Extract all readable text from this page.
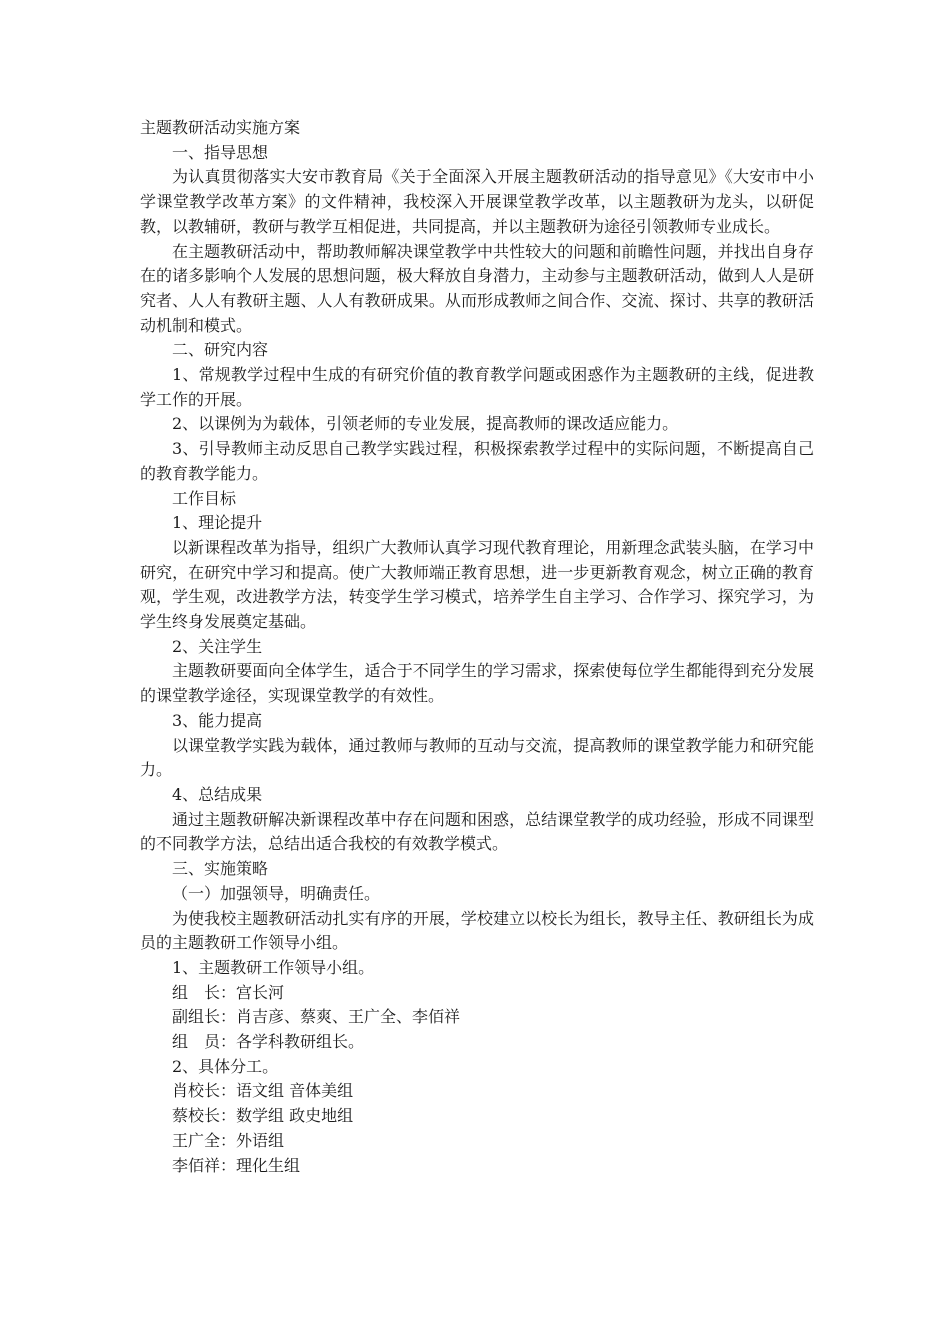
主题教研活动实施方案
一、指导思想
为认真贯彻落实大安市教育局《关于全面深入开展主题教研活动的指导意见》《大安市中小学课堂教学改革方案》的文件精神，我校深入开展课堂教学改革，以主题教研为龙头，以研促教，以教辅研，教研与教学互相促进，共同提高，并以主题教研为途径引领教师专业成长。
在主题教研活动中，帮助教师解决课堂教学中共性较大的问题和前瞻性问题，并找出自身存在的诸多影响个人发展的思想问题，极大释放自身潜力，主动参与主题教研活动，做到人人是研究者、人人有教研主题、人人有教研成果。从而形成教师之间合作、交流、探讨、共享的教研活动机制和模式。
二、研究内容
1、常规教学过程中生成的有研究价值的教育教学问题或困惑作为主题教研的主线，促进教学工作的开展。
2、以课例为为载体，引领老师的专业发展，提高教师的课改适应能力。
3、引导教师主动反思自己教学实践过程，积极探索教学过程中的实际问题，不断提高自己的教育教学能力。
工作目标
1、理论提升
以新课程改革为指导，组织广大教师认真学习现代教育理论，用新理念武装头脑，在学习中研究，在研究中学习和提高。使广大教师端正教育思想，进一步更新教育观念，树立正确的教育观，学生观，改进教学方法，转变学生学习模式，培养学生自主学习、合作学习、探究学习，为学生终身发展奠定基础。
2、关注学生
主题教研要面向全体学生，适合于不同学生的学习需求，探索使每位学生都能得到充分发展的课堂教学途径，实现课堂教学的有效性。
3、能力提高
以课堂教学实践为载体，通过教师与教师的互动与交流，提高教师的课堂教学能力和研究能力。
4、总结成果
通过主题教研解决新课程改革中存在问题和困惑，总结课堂教学的成功经验，形成不同课型的不同教学方法，总结出适合我校的有效教学模式。
三、实施策略
（一）加强领导，明确责任。
为使我校主题教研活动扎实有序的开展，学校建立以校长为组长，教导主任、教研组长为成员的主题教研工作领导小组。
1、主题教研工作领导小组。
组　长：宫长河
副组长：肖吉彦、蔡爽、王广全、李佰祥
组　员：各学科教研组长。
2、具体分工。
肖校长：语文组 音体美组
蔡校长：数学组 政史地组
王广全：外语组
李佰祥：理化生组
